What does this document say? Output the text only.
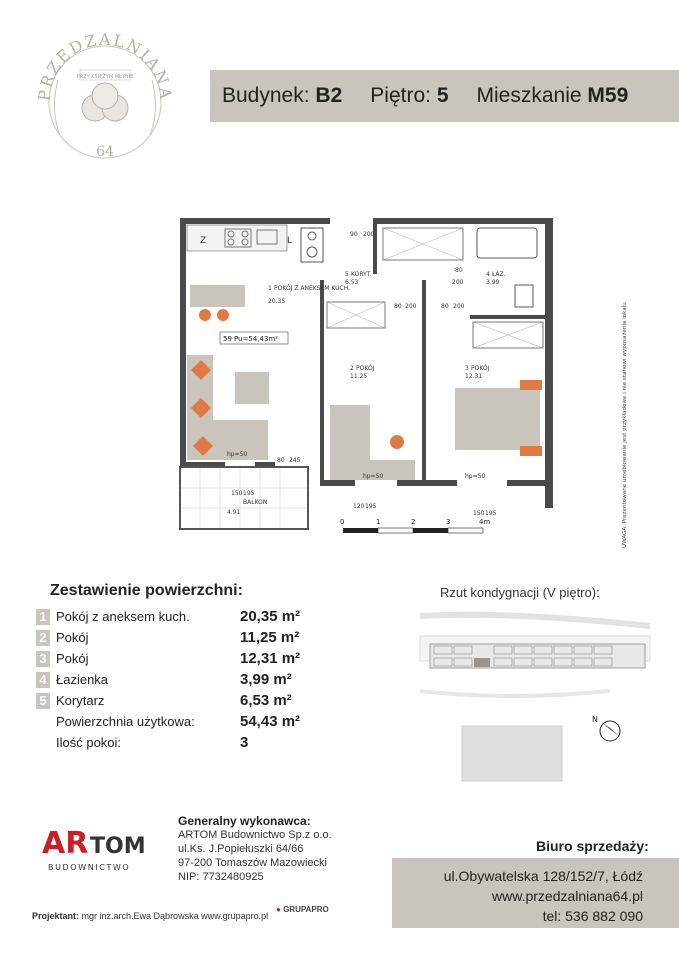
PRZEDZALNIANA
PRZY KSIĘŻYM MŁYNIE
64
Budynek: B2 Piętro: 5 Mieszkanie M59
Z	L
1 POKÓJ Z ANEKSEM KUCH.
20.35
2 POKÓJ
11.25
3 POKÓJ
12.31
4 ŁAZ.
3.99
5 KORYT.
6.53
59 Pu=54,43m²
90 200
80
200
80 200	80 200
80 245
hp=50
hp=50	hp=50
150 195
120 195
150 195
BALKON
4.91
0	1	2	3	4m	UWAGA: Prezentowane umeblowanie jest przykładowe i nie stanowi wyposażenia lokalu
Zestawienie powierzchni:
1 Pokój z aneksem kuch.	20,35 m²
2 Pokój	11,25 m²
3 Pokój	12,31 m²
4 Łazienka	3,99 m²
5 Korytarz	6,53 m²
Powierzchnia użytkowa:	54,43 m²
Ilość pokoi:	3
Rzut kondygnacji (V piętro):
N
AR TOM
BUDOWNICTWO
Generalny wykonawca:
ARTOM Budownictwo Sp.z o.o.
ul.Ks. J.Popiełuszki 64/66
97-200 Tomaszów Mazowiecki
NIP: 7732480925
Biuro sprzedaży:
ul.Obywatelska 128/152/7, Łódź
www.przedzalniana64.pl
tel: 536 882 090
Projektant: mgr inż.arch.Ewa Dąbrowska www.grupapro.pl
● GRUPAPRO
